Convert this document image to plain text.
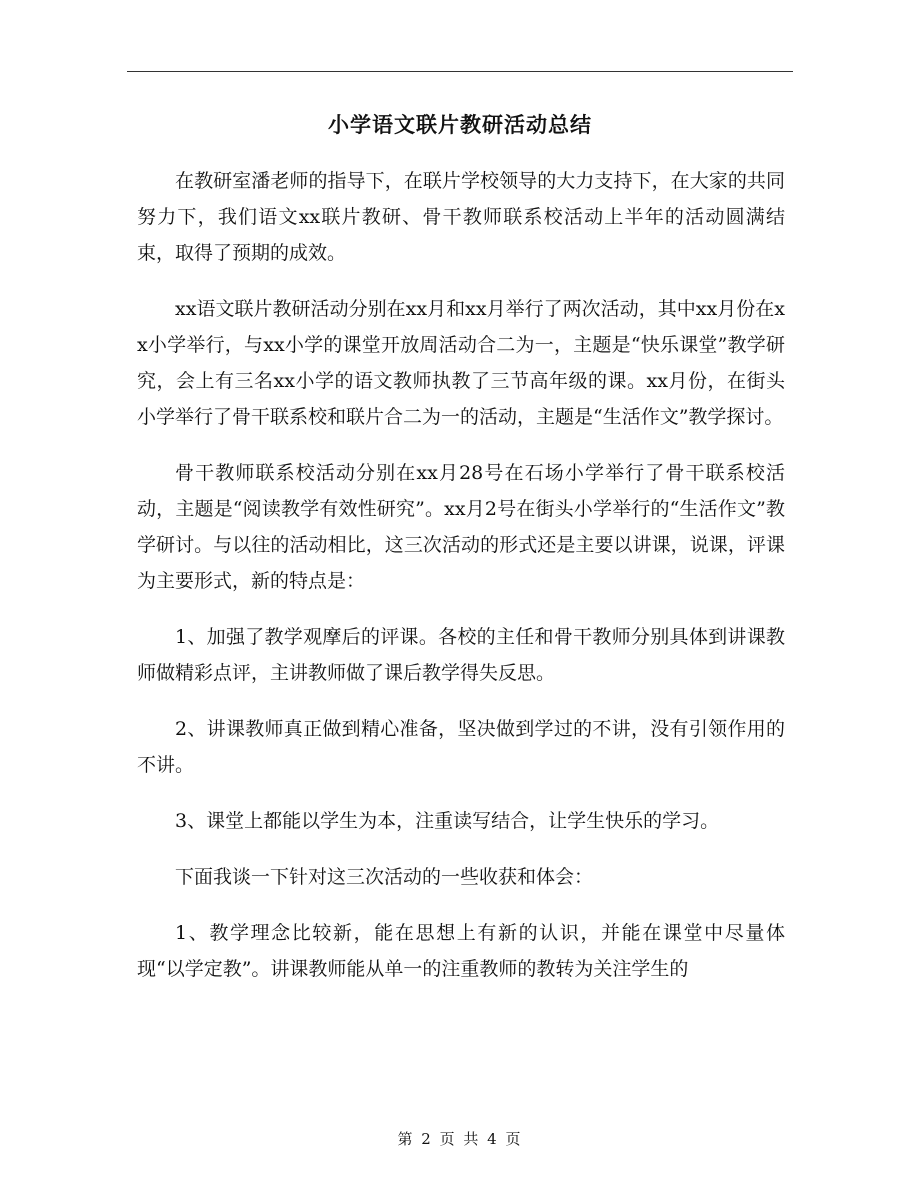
小学语文联片教研活动总结

在教研室潘老师的指导下，在联片学校领导的大力支持下，在大家的共同努力下，我们语文xx联片教研、骨干教师联系校活动上半年的活动圆满结束，取得了预期的成效。

xx语文联片教研活动分别在xx月和xx月举行了两次活动，其中xx月份在xx小学举行，与xx小学的课堂开放周活动合二为一，主题是“快乐课堂”教学研究，会上有三名xx小学的语文教师执教了三节高年级的课。xx月份，在街头小学举行了骨干联系校和联片合二为一的活动，主题是“生活作文”教学探讨。

骨干教师联系校活动分别在xx月28号在石场小学举行了骨干联系校活动，主题是“阅读教学有效性研究”。xx月2号在街头小学举行的“生活作文”教学研讨。与以往的活动相比，这三次活动的形式还是主要以讲课，说课，评课为主要形式，新的特点是：

1、加强了教学观摩后的评课。各校的主任和骨干教师分别具体到讲课教师做精彩点评，主讲教师做了课后教学得失反思。

2、讲课教师真正做到精心准备，坚决做到学过的不讲，没有引领作用的不讲。

3、课堂上都能以学生为本，注重读写结合，让学生快乐的学习。

下面我谈一下针对这三次活动的一些收获和体会：

1、教学理念比较新，能在思想上有新的认识，并能在课堂中尽量体现“以学定教”。讲课教师能从单一的注重教师的教转为关注学生的

第 2 页 共 4 页
